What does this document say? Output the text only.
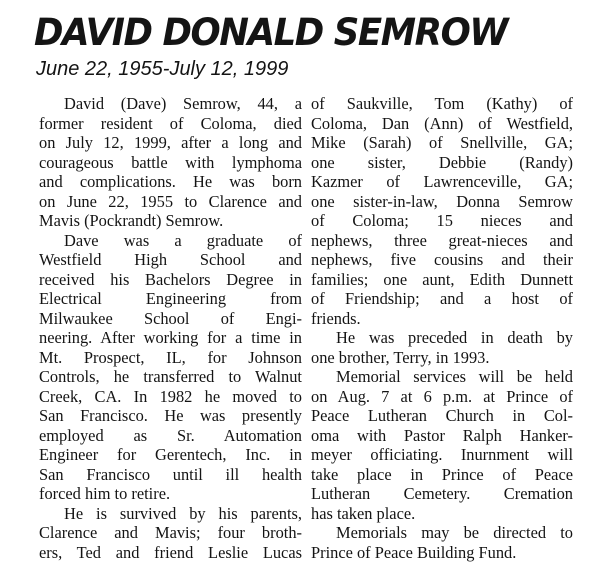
DAVID DONALD SEMROW
June 22, 1955-July 12, 1999
David (Dave) Semrow, 44, a
former resident of Coloma, died
on July 12, 1999, after a long and
courageous battle with lymphoma
and complications. He was born
on June 22, 1955 to Clarence and
Mavis (Pockrandt) Semrow.
Dave was a graduate of
Westfield High School and
received his Bachelors Degree in
Electrical Engineering from
Milwaukee School of Engi-
neering. After working for a time in
Mt. Prospect, IL, for Johnson
Controls, he transferred to Walnut
Creek, CA. In 1982 he moved to
San Francisco. He was presently
employed as Sr. Automation
Engineer for Gerentech, Inc. in
San Francisco until ill health
forced him to retire.
He is survived by his parents,
Clarence and Mavis; four broth-
ers, Ted and friend Leslie Lucas
of Saukville, Tom (Kathy) of
Coloma, Dan (Ann) of Westfield,
Mike (Sarah) of Snellville, GA;
one sister, Debbie (Randy)
Kazmer of Lawrenceville, GA;
one sister-in-law, Donna Semrow
of Coloma; 15 nieces and
nephews, three great-nieces and
nephews, five cousins and their
families; one aunt, Edith Dunnett
of Friendship; and a host of
friends.
He was preceded in death by
one brother, Terry, in 1993.
Memorial services will be held
on Aug. 7 at 6 p.m. at Prince of
Peace Lutheran Church in Col-
oma with Pastor Ralph Hanker-
meyer officiating. Inurnment will
take place in Prince of Peace
Lutheran Cemetery. Cremation
has taken place.
Memorials may be directed to
Prince of Peace Building Fund.
